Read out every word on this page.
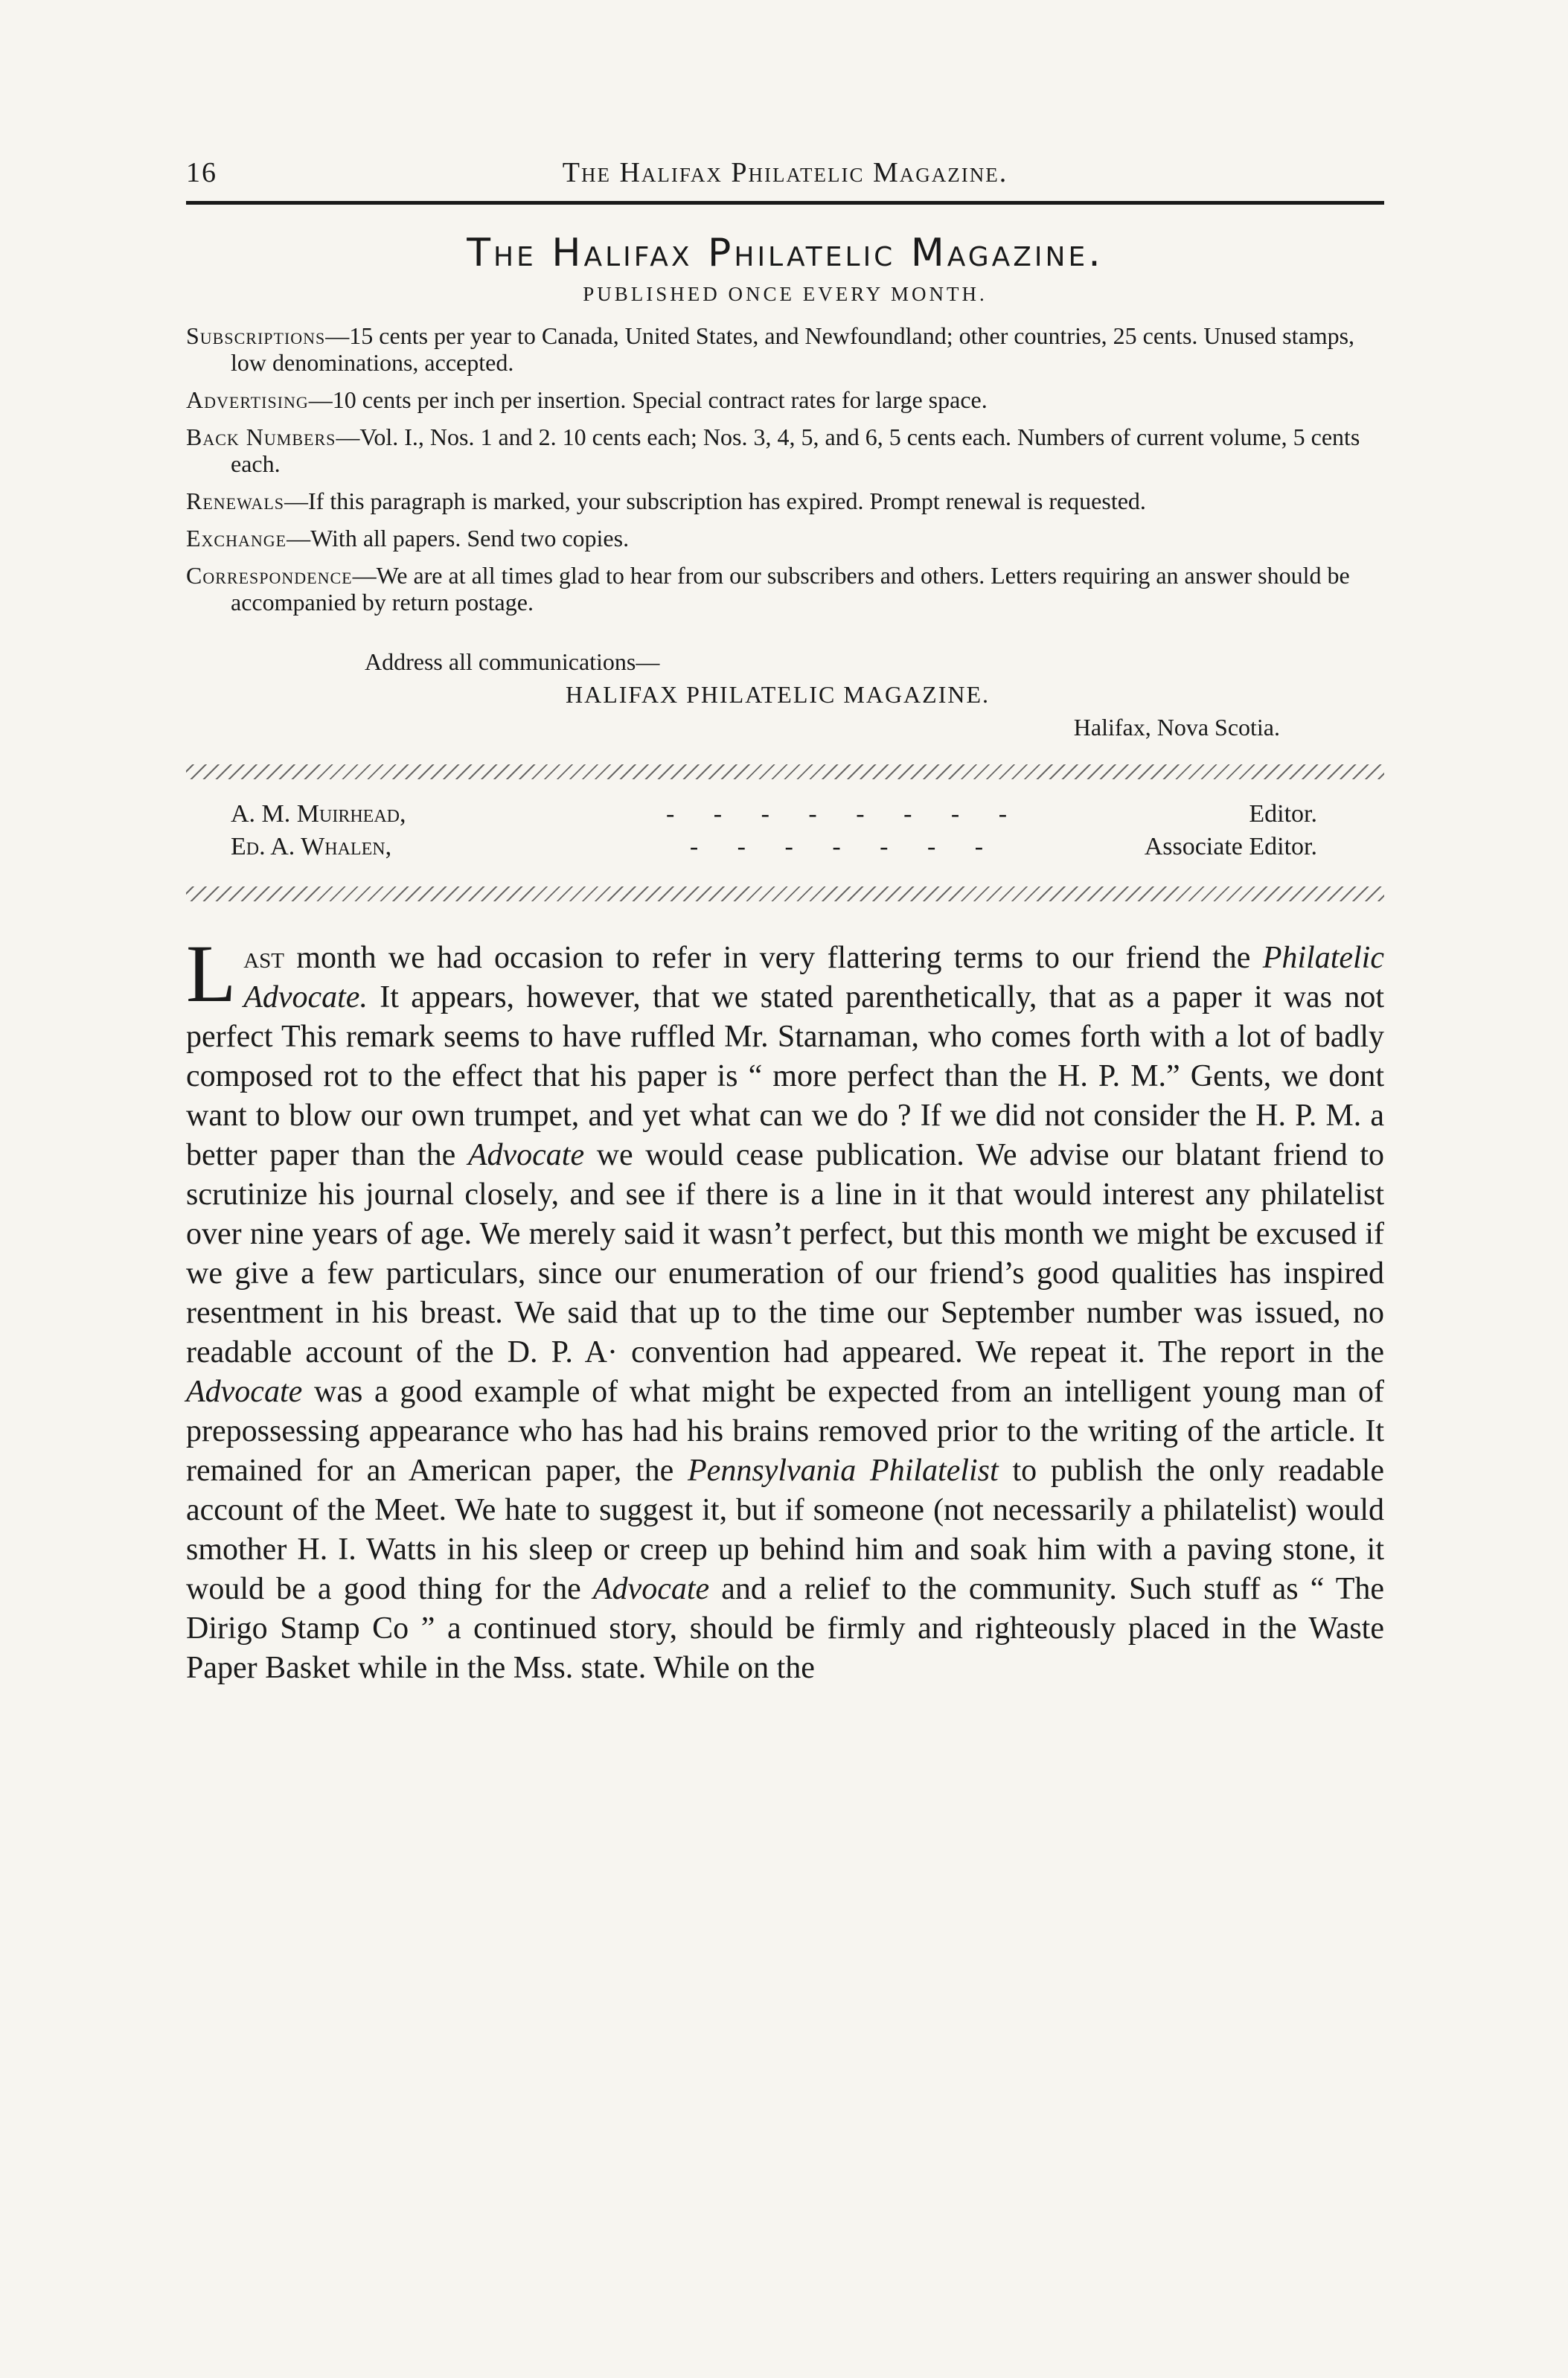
16	The Halifax Philatelic Magazine.
The Halifax Philatelic Magazine.
PUBLISHED ONCE EVERY MONTH.

Subscriptions—15 cents per year to Canada, United States, and Newfoundland; other countries, 25 cents. Unused stamps, low denominations, accepted.

Advertising—10 cents per inch per insertion. Special contract rates for large space.

Back Numbers—Vol. I., Nos. 1 and 2. 10 cents each; Nos. 3, 4, 5, and 6, 5 cents each. Numbers of current volume, 5 cents each.

Renewals—If this paragraph is marked, your subscription has expired. Prompt renewal is requested.

Exchange—With all papers. Send two copies.

Correspondence—We are at all times glad to hear from our subscribers and others. Letters requiring an answer should be accompanied by return postage.

Address all communications—
HALIFAX PHILATELIC MAGAZINE.
Halifax, Nova Scotia.
A. M. Muirhead,	- - - - - - - -	Editor.
Ed. A. Whalen,	- - - - - - -	Associate Editor.
Last month we had occasion to refer in very flattering terms to our friend the Philatelic Advocate. It appears, however, that we stated parenthetically, that as a paper it was not perfect This remark seems to have ruffled Mr. Starnaman, who comes forth with a lot of badly composed rot to the effect that his paper is “ more perfect than the H. P. M.” Gents, we dont want to blow our own trumpet, and yet what can we do ? If we did not consider the H. P. M. a better paper than the Advocate we would cease publication. We advise our blatant friend to scrutinize his journal closely, and see if there is a line in it that would interest any philatelist over nine years of age. We merely said it wasn’t perfect, but this month we might be excused if we give a few particulars, since our enumeration of our friend’s good qualities has inspired resentment in his breast. We said that up to the time our September number was issued, no readable account of the D. P. A· convention had appeared. We repeat it. The report in the Advocate was a good example of what might be expected from an intelligent young man of prepossessing appearance who has had his brains removed prior to the writing of the article. It remained for an American paper, the Pennsylvania Philatelist to publish the only readable account of the Meet. We hate to suggest it, but if someone (not necessarily a philatelist) would smother H. I. Watts in his sleep or creep up behind him and soak him with a paving stone, it would be a good thing for the Advocate and a relief to the community. Such stuff as “ The Dirigo Stamp Co ” a continued story, should be firmly and righteously placed in the Waste Paper Basket while in the Mss. state. While on the
